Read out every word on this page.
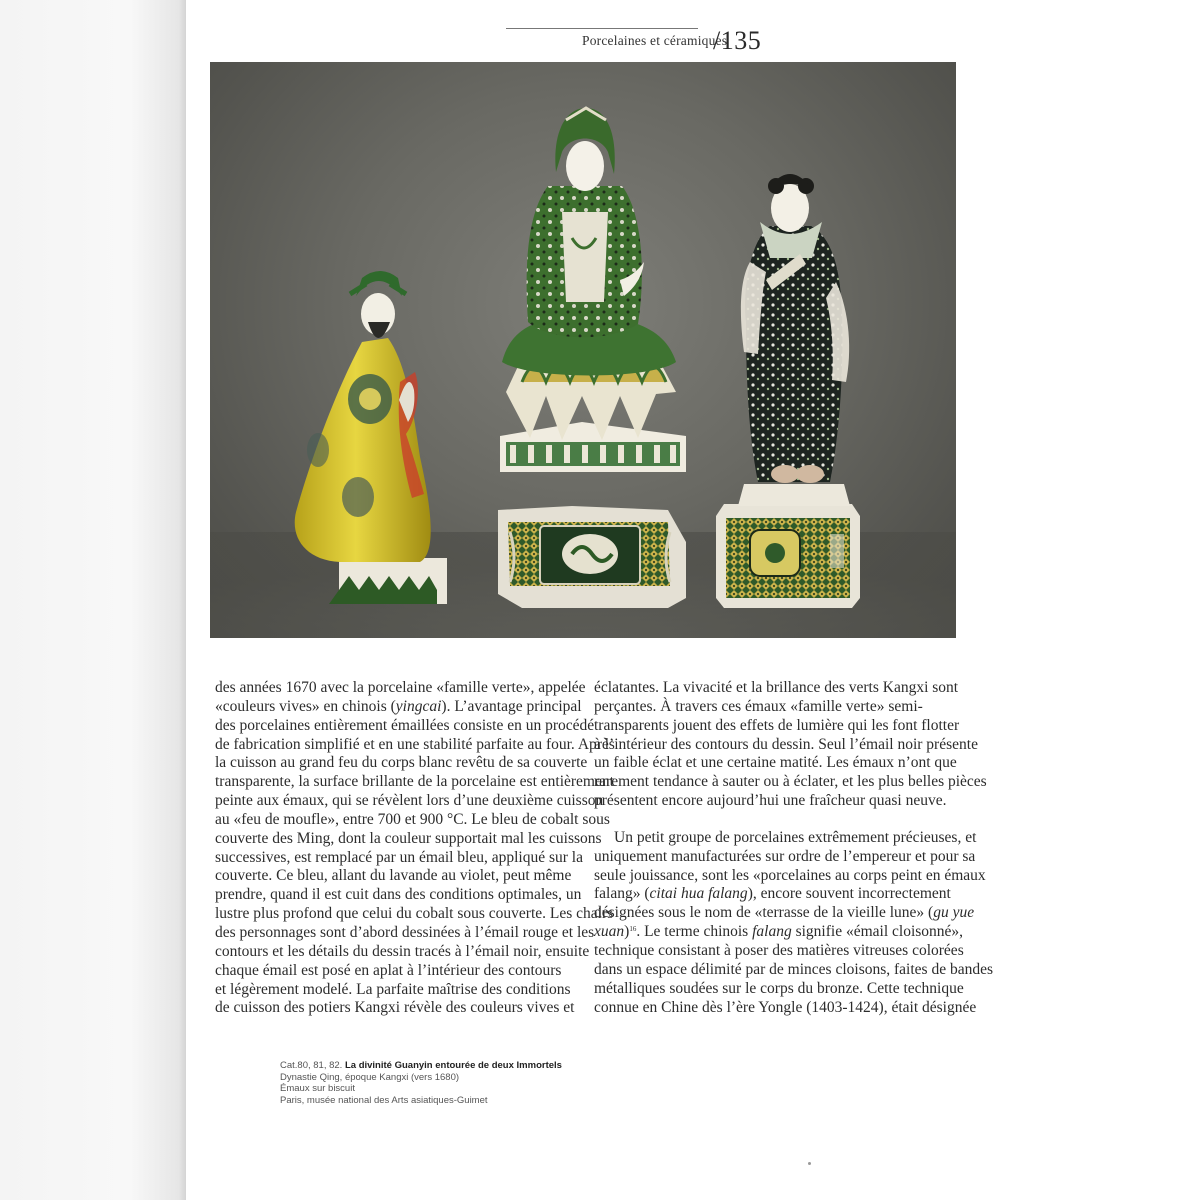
Porcelaines et céramiques
/135
des années 1670 avec la porcelaine «famille verte», appelée
«couleurs vives» en chinois (yingcai). L’avantage principal
des porcelaines entièrement émaillées consiste en un procédé
de fabrication simplifié et en une stabilité parfaite au four. Après
la cuisson au grand feu du corps blanc revêtu de sa couverte
transparente, la surface brillante de la porcelaine est entièrement
peinte aux émaux, qui se révèlent lors d’une deuxième cuisson
au «feu de moufle», entre 700 et 900 °C. Le bleu de cobalt sous
couverte des Ming, dont la couleur supportait mal les cuissons
successives, est remplacé par un émail bleu, appliqué sur la
couverte. Ce bleu, allant du lavande au violet, peut même
prendre, quand il est cuit dans des conditions optimales, un
lustre plus profond que celui du cobalt sous couverte. Les chairs
des personnages sont d’abord dessinées à l’émail rouge et les
contours et les détails du dessin tracés à l’émail noir, ensuite
chaque émail est posé en aplat à l’intérieur des contours
et légèrement modelé. La parfaite maîtrise des conditions
de cuisson des potiers Kangxi révèle des couleurs vives et
éclatantes. La vivacité et la brillance des verts Kangxi sont
perçantes. À travers ces émaux «famille verte» semi-
transparents jouent des effets de lumière qui les font flotter
à l’intérieur des contours du dessin. Seul l’émail noir présente
un faible éclat et une certaine matité. Les émaux n’ont que
rarement tendance à sauter ou à éclater, et les plus belles pièces
présentent encore aujourd’hui une fraîcheur quasi neuve.
Un petit groupe de porcelaines extrêmement précieuses, et
uniquement manufacturées sur ordre de l’empereur et pour sa
seule jouissance, sont les «porcelaines au corps peint en émaux
falang» (citai hua falang), encore souvent incorrectement
désignées sous le nom de «terrasse de la vieille lune» (gu yue
xuan)$^{16}$. Le terme chinois falang signifie «émail cloisonné»,
technique consistant à poser des matières vitreuses colorées
dans un espace délimité par de minces cloisons, faites de bandes
métalliques soudées sur le corps du bronze. Cette technique
connue en Chine dès l’ère Yongle (1403-1424), était désignée
Cat.80, 81, 82. La divinité Guanyin entourée de deux Immortels
Dynastie Qing, époque Kangxi (vers 1680)
Émaux sur biscuit
Paris, musée national des Arts asiatiques-Guimet
